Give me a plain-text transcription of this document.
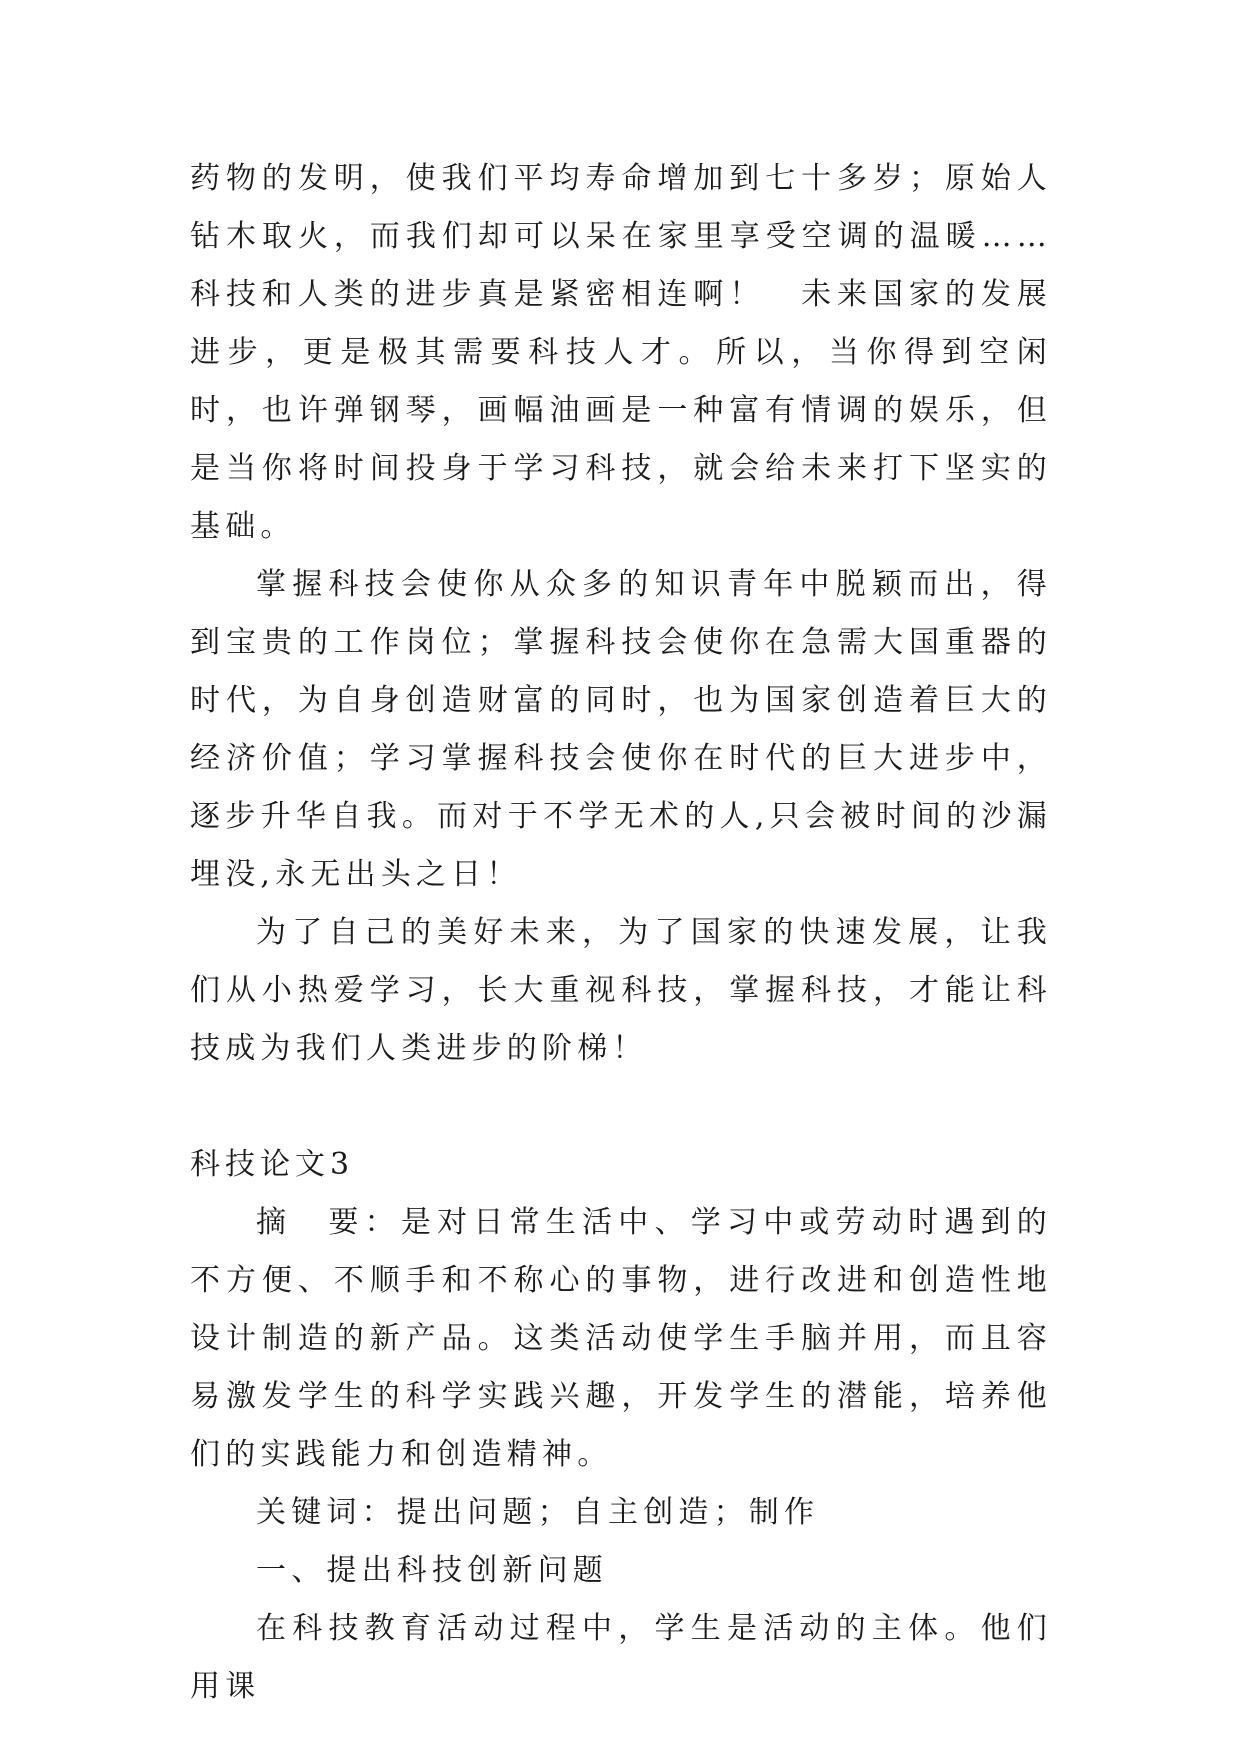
药物的发明，使我们平均寿命增加到七十多岁；原始人钻木取火，而我们却可以呆在家里享受空调的温暖……科技和人类的进步真是紧密相连啊！　未来国家的发展进步，更是极其需要科技人才。所以，当你得到空闲时，也许弹钢琴，画幅油画是一种富有情调的娱乐，但是当你将时间投身于学习科技，就会给未来打下坚实的基础。

掌握科技会使你从众多的知识青年中脱颖而出，得到宝贵的工作岗位；掌握科技会使你在急需大国重器的时代，为自身创造财富的同时，也为国家创造着巨大的经济价值；学习掌握科技会使你在时代的巨大进步中，逐步升华自我。而对于不学无术的人,只会被时间的沙漏埋没,永无出头之日！

为了自己的美好未来，为了国家的快速发展，让我们从小热爱学习，长大重视科技，掌握科技，才能让科技成为我们人类进步的阶梯！

科技论文3

摘　要：是对日常生活中、学习中或劳动时遇到的不方便、不顺手和不称心的事物，进行改进和创造性地设计制造的新产品。这类活动使学生手脑并用，而且容易激发学生的科学实践兴趣，开发学生的潜能，培养他们的实践能力和创造精神。

关键词：提出问题；自主创造；制作

一、提出科技创新问题

在科技教育活动过程中，学生是活动的主体。他们用课
